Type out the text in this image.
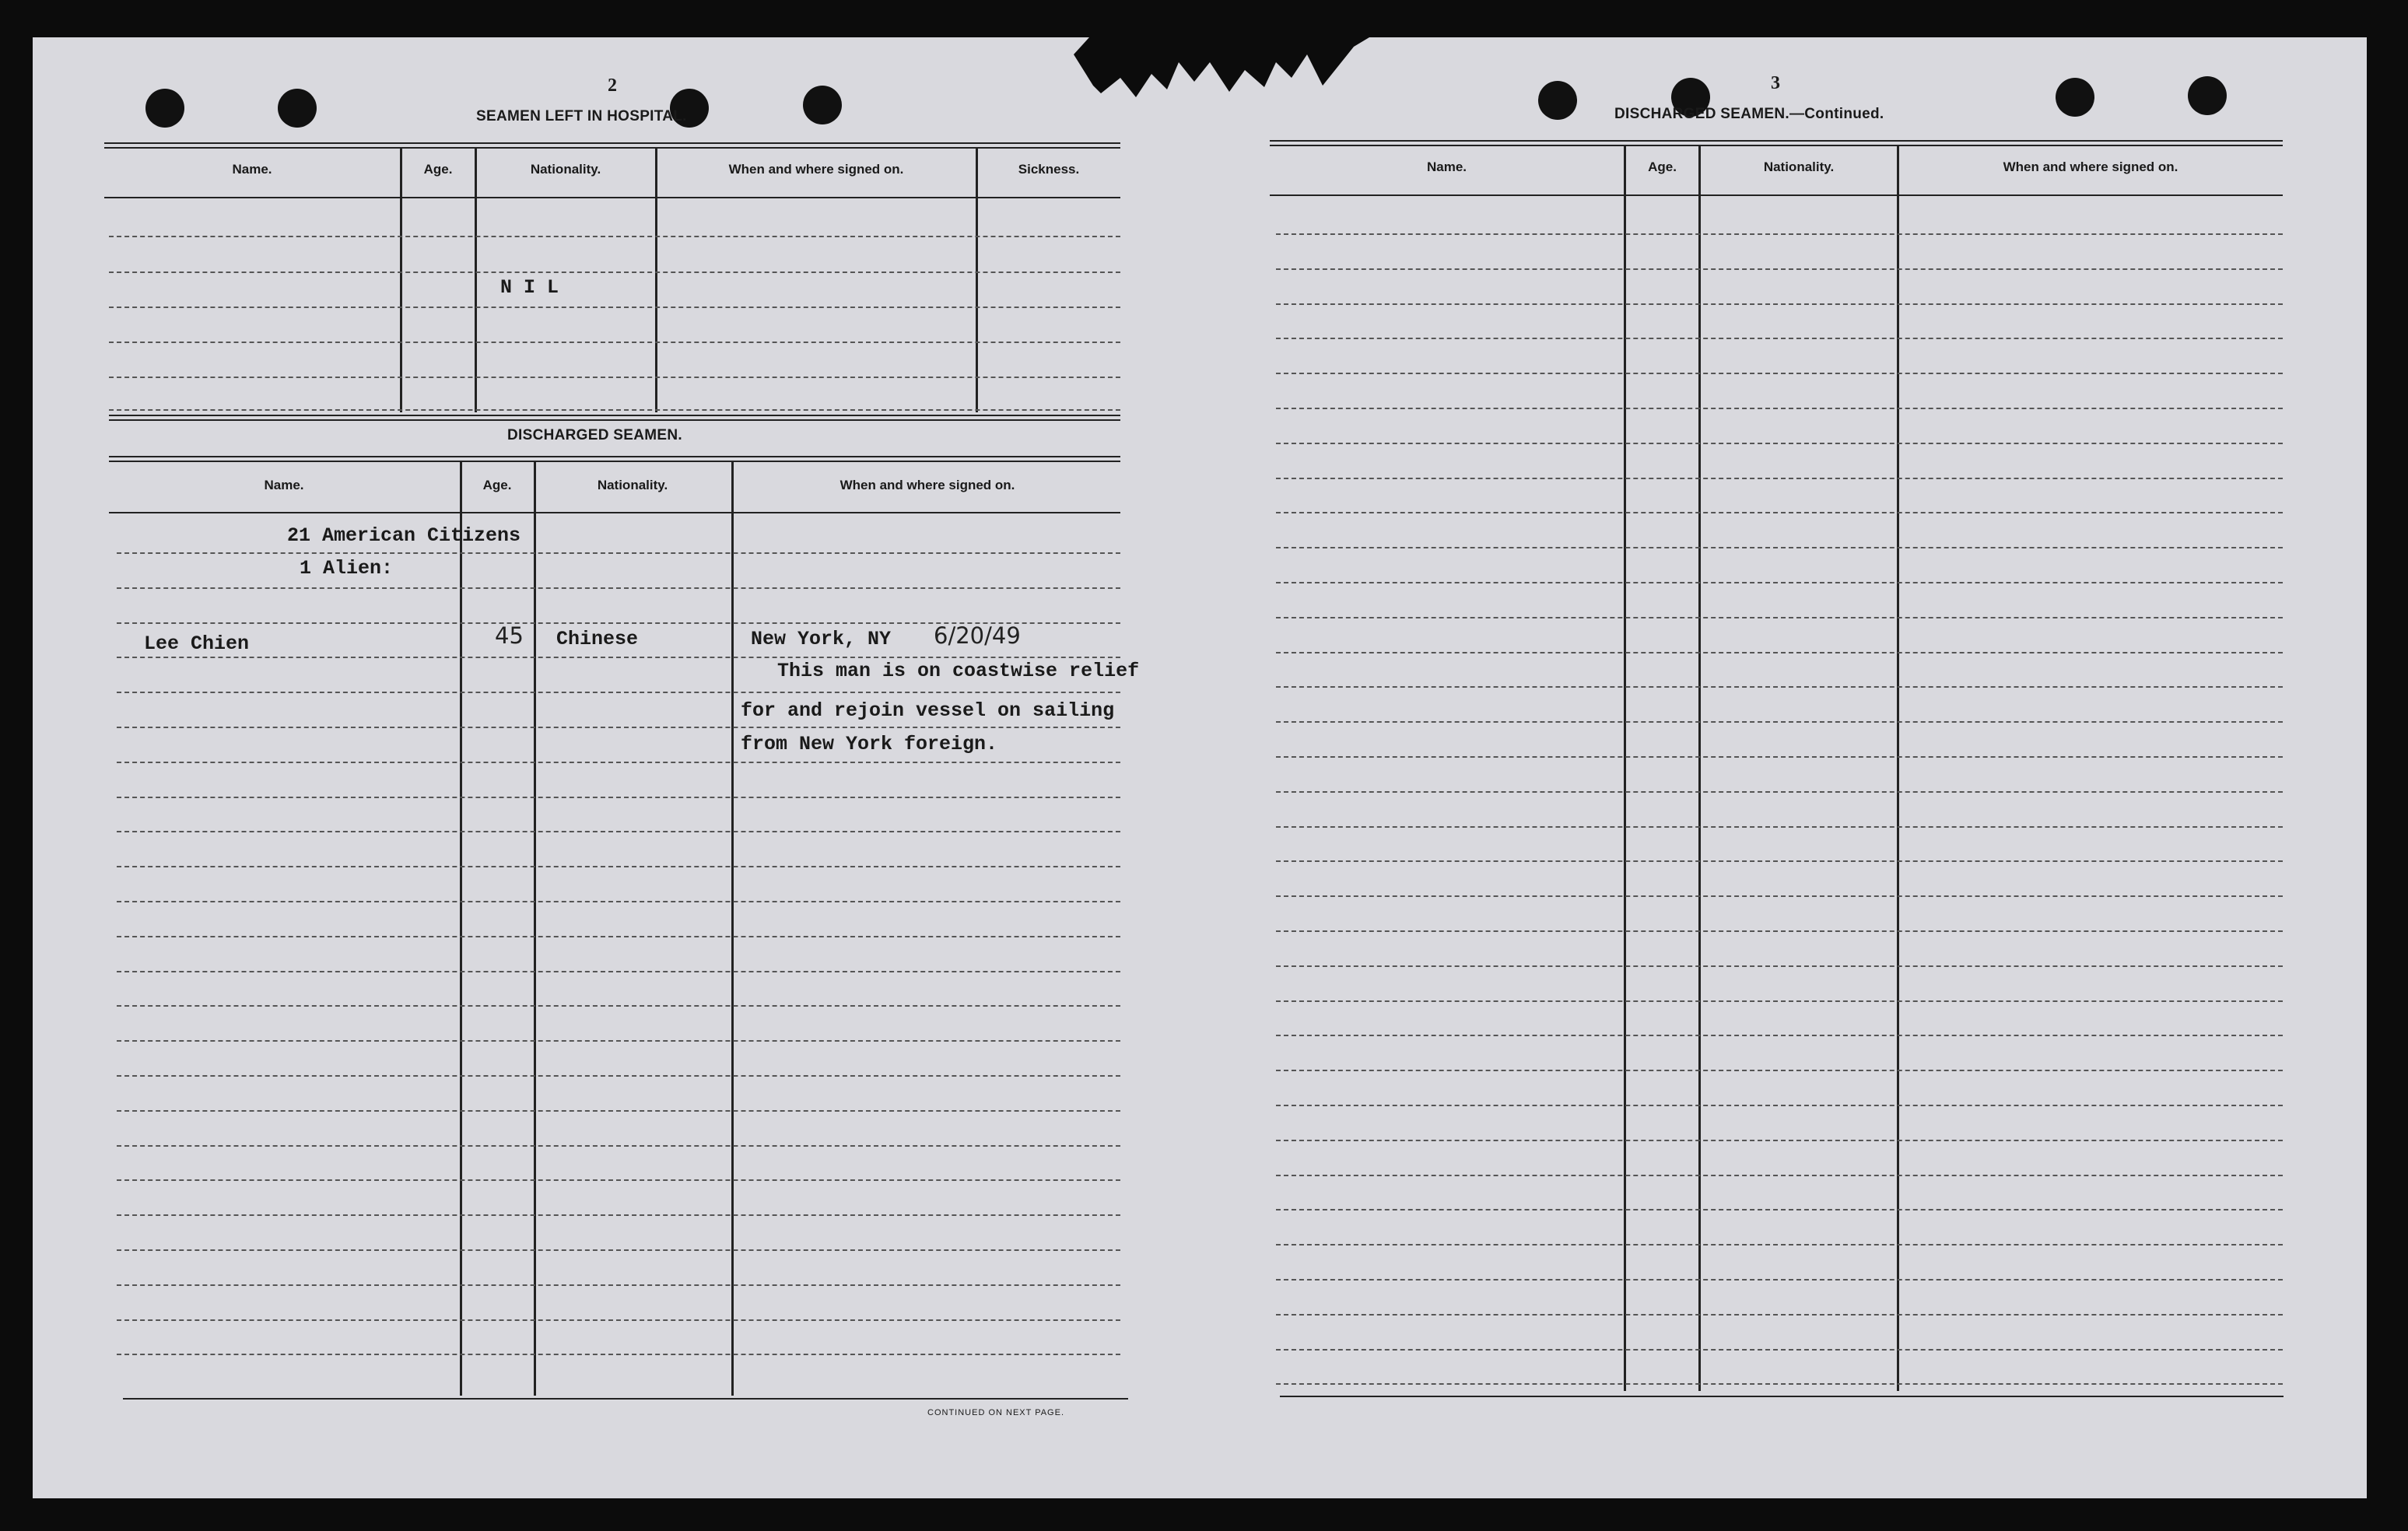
2
SEAMEN LEFT IN HOSPITAL.
Name.	Age.	Nationality.	When and where signed on.	Sickness.
N I L
DISCHARGED SEAMEN.
Name.	Age.	Nationality.	When and where signed on.
21 American Citizens
1 Alien:
Lee Chien	45 Chinese	New York, NY 6/20/49
This man is on coastwise relief
for and rejoin vessel on sailing
from New York foreign.
CONTINUED ON NEXT PAGE.
3
DISCHARGED SEAMEN.—Continued.
Name.	Age.	Nationality.	When and where signed on.
